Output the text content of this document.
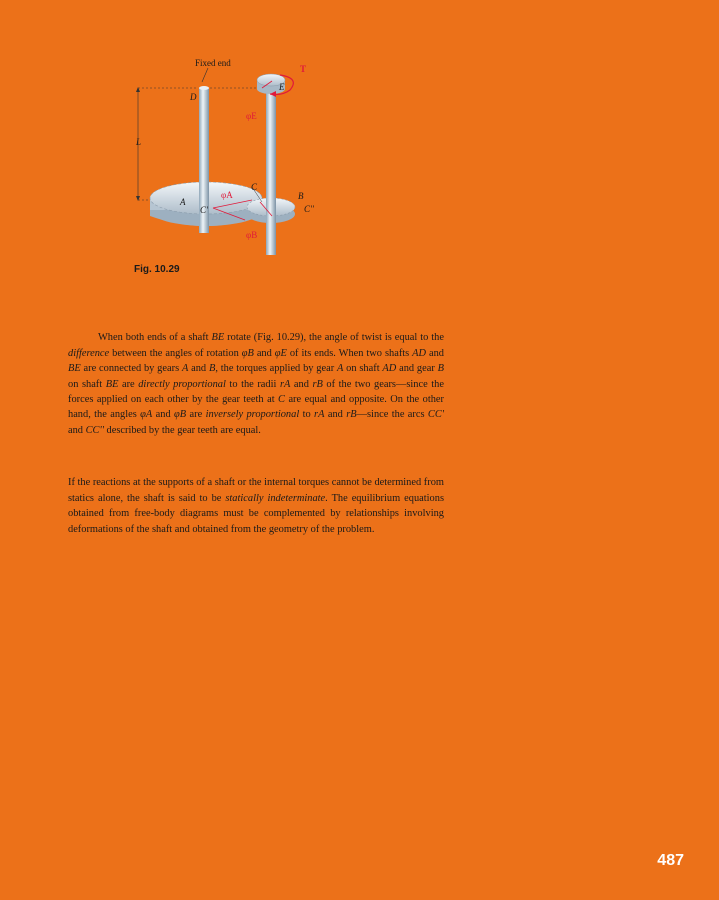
Fixed end
T
E
D
φE
L
C
φA	B
A
C'	C''
φB
Fig. 10.29

When both ends of a shaft BE rotate (Fig. 10.29), the angle of twist is equal to the difference between the angles of rotation φB and φE of its ends. When two shafts AD and BE are connected by gears A and B, the torques applied by gear A on shaft AD and gear B on shaft BE are directly proportional to the radii rA and rB of the two gears—since the forces applied on each other by the gear teeth at C are equal and opposite. On the other hand, the angles φA and φB are inversely proportional to rA and rB—since the arcs CC' and CC'' described by the gear teeth are equal.

If the reactions at the supports of a shaft or the internal torques cannot be determined from statics alone, the shaft is said to be statically indeterminate. The equilibrium equations obtained from free-body diagrams must be complemented by relationships involving deformations of the shaft and obtained from the geometry of the problem.

487
